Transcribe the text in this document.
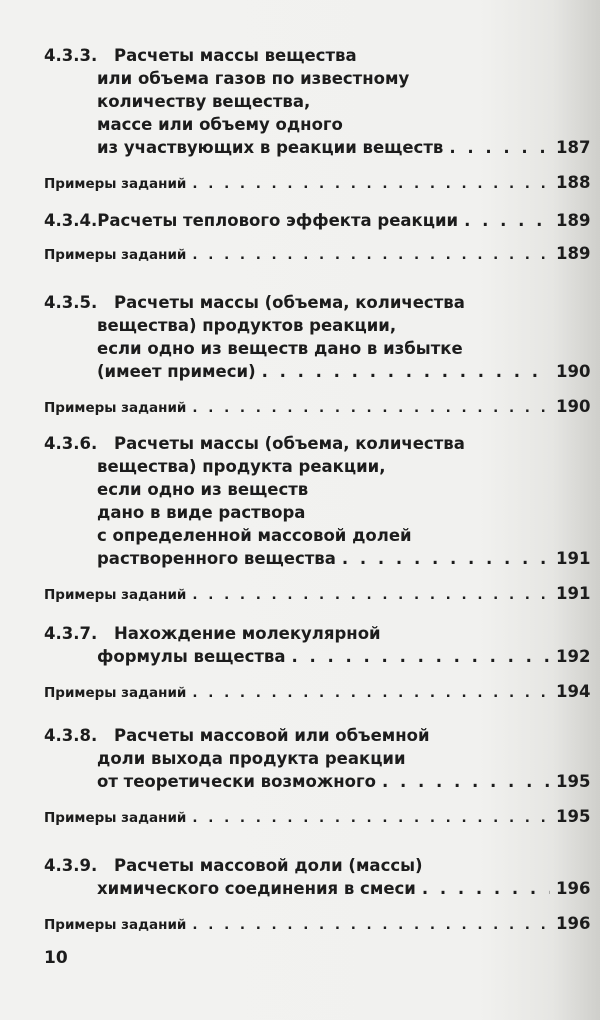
4.3.3. Расчеты массы вещества
или объема газов по известному
количеству вещества,
массе или объему одного
из участвующих в реакции веществ . . .	187
Примеры заданий . . .	188
4.3.4. Расчеты теплового эффекта реакции . . .	189
Примеры заданий . . .	189
4.3.5. Расчеты массы (объема, количества
вещества) продуктов реакции,
если одно из веществ дано в избытке
(имеет примеси) . . .	190
Примеры заданий . . .	190
4.3.6. Расчеты массы (объема, количества
вещества) продукта реакции,
если одно из веществ
дано в виде раствора
с определенной массовой долей
растворенного вещества . . .	191
Примеры заданий . . .	191
4.3.7. Нахождение молекулярной
формулы вещества . . .	192
Примеры заданий . . .	194
4.3.8. Расчеты массовой или объемной
доли выхода продукта реакции
от теоретически возможного . . .	195
Примеры заданий . . .	195
4.3.9. Расчеты массовой доли (массы)
химического соединения в смеси . . .	196
Примеры заданий . . .	196
10
